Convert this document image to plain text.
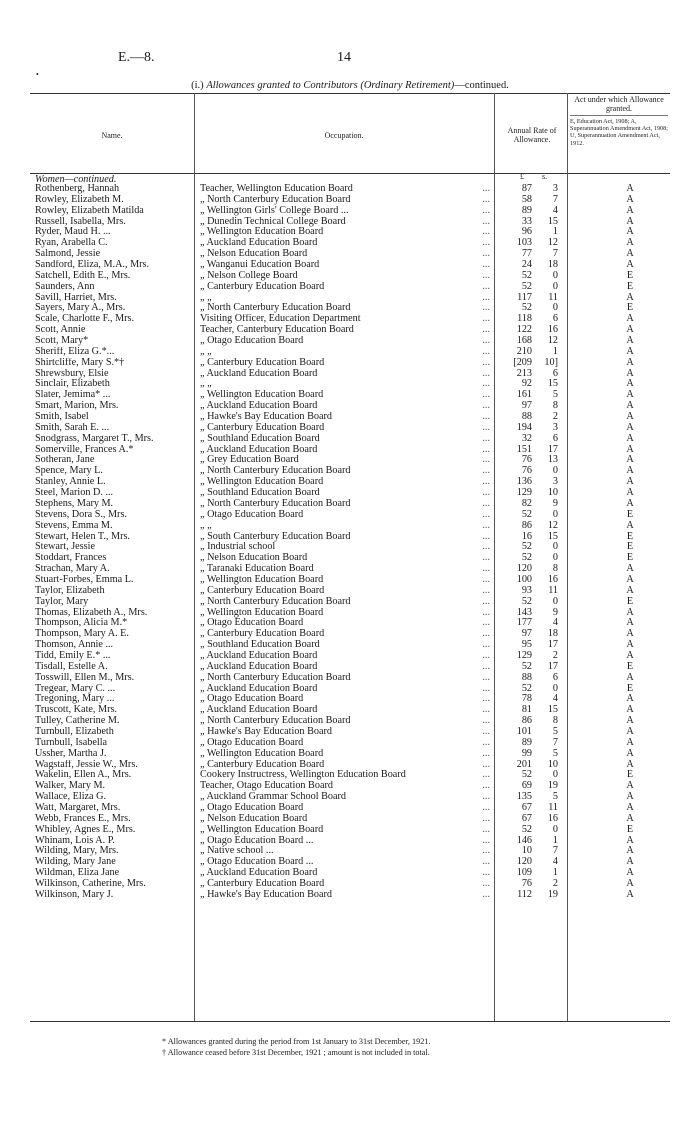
E.—8.	14
•
(i.) Allowances granted to Contributors (Ordinary Retirement)—continued.
Name.	Occupation.
Annual Rate of Allowance.
Act under which Allowance granted.
E, Education Act, 1908; A, Superannuation Amendment Act, 1908; U, Superannuation Amendment Act, 1912.
£ s.
Women—continued.
Rothenberg, Hannah	Teacher, Wellington Education Board	87	3	A
...
Rowley, Elizabeth M.	„ North Canterbury Education Board	58	7	A
...
Rowley, Elizabeth Matilda	„ Wellington Girls' College Board ...	89	4	A
...
Russell, Isabella, Mrs.	„ Dunedin Technical College Board	33	15	A
...
Ryder, Maud H. ...	„ Wellington Education Board	96	1	A
...
Ryan, Arabella C.	„ Auckland Education Board	103	12	A
...
Salmond, Jessie	„ Nelson Education Board	77	7	A
...
Sandford, Eliza, M.A., Mrs.	„ Wanganui Education Board	24	18	A
...
Satchell, Edith E., Mrs.	„ Nelson College Board	52	0	E
...
Saunders, Ann	„ Canterbury Education Board	52	0	E
...
Savill, Harriet, Mrs.	„ „	117	11	A
...
Sayers, Mary A., Mrs.	„ North Canterbury Education Board	52	0	E
...
Scale, Charlotte F., Mrs.	Visiting Officer, Education Department	118	6	A
...
Scott, Annie	Teacher, Canterbury Education Board	122	16	A
...
Scott, Mary*	„ Otago Education Board	168	12	A
...
Sheriff, Eliza G.*...	„ „	210	1	A
...
Shirtcliffe, Mary S.*†	„ Canterbury Education Board	[209	10]	A
...
Shrewsbury, Elsie	„ Auckland Education Board	213	6	A
...
Sinclair, Elizabeth	„ „	92	15	A
...
Slater, Jemima* ...	„ Wellington Education Board	161	5	A
...
Smart, Marion, Mrs.	„ Auckland Education Board	97	8	A
...
Smith, Isabel	„ Hawke's Bay Education Board	88	2	A
...
Smith, Sarah E. ...	„ Canterbury Education Board	194	3	A
...
Snodgrass, Margaret T., Mrs.	„ Southland Education Board	32	6	A
...
Somerville, Frances A.*	„ Auckland Education Board	151	17	A
...
Sotheran, Jane	„ Grey Education Board	76	13	A
...
Spence, Mary L.	„ North Canterbury Education Board	76	0	A
...
Stanley, Annie L.	„ Wellington Education Board	136	3	A
...
Steel, Marion D. ...	„ Southland Education Board	129	10	A
...
Stephens, Mary M.	„ North Canterbury Education Board	82	9	A
...
Stevens, Dora S., Mrs.	„ Otago Education Board	52	0	E
...
Stevens, Emma M.	„ „	86	12	A
...
Stewart, Helen T., Mrs.	„ South Canterbury Education Board	16	15	E
...
Stewart, Jessie	„ Industrial school	52	0	E
...
Stoddart, Frances	„ Nelson Education Board	52	0	E
...
Strachan, Mary A.	„ Taranaki Education Board	120	8	A
...
Stuart-Forbes, Emma L.	„ Wellington Education Board	100	16	A
...
Taylor, Elizabeth	„ Canterbury Education Board	93	11	A
...
Taylor, Mary	„ North Canterbury Education Board	52	0	E
...
Thomas, Elizabeth A., Mrs.	„ Wellington Education Board	143	9	A
...
Thompson, Alicia M.*	„ Otago Education Board	177	4	A
...
Thompson, Mary A. E.	„ Canterbury Education Board	97	18	A
...
Thomson, Annie ...	„ Southland Education Board	95	17	A
...
Tidd, Emily E.* ...	„ Auckland Education Board	129	2	A
...
Tisdall, Estelle A.	„ Auckland Education Board	52	17	E
...
Tosswill, Ellen M., Mrs.	„ North Canterbury Education Board	88	6	A
...
Tregear, Mary C. ...	„ Auckland Education Board	52	0	E
...
Tregoning, Mary ...	„ Otago Education Board	78	4	A
...
Truscott, Kate, Mrs.	„ Auckland Education Board	81	15	A
...
Tulley, Catherine M.	„ North Canterbury Education Board	86	8	A
...
Turnbull, Elizabeth	„ Hawke's Bay Education Board	101	5	A
...
Turnbull, Isabella	„ Otago Education Board	89	7	A
...
Ussher, Martha J.	„ Wellington Education Board	99	5	A
...
Wagstaff, Jessie W., Mrs.	„ Canterbury Education Board	201	10	A
...
Wakelin, Ellen A., Mrs.	Cookery Instructress, Wellington Education Board	52	0	E
...
Walker, Mary M.	Teacher, Otago Education Board	69	19	A
...
Wallace, Eliza G.	„ Auckland Grammar School Board	135	5	A
...
Watt, Margaret, Mrs.	„ Otago Education Board	67	11	A
...
Webb, Frances E., Mrs.	„ Nelson Education Board	67	16	A
...
Whibley, Agnes E., Mrs.	„ Wellington Education Board	52	0	E
...
Whinam, Lois A. P.	„ Otago Education Board ...	146	1	A
...
Wilding, Mary, Mrs.	„ Native school ...	10	7	A
...
Wilding, Mary Jane	„ Otago Education Board ...	120	4	A
...
Wildman, Eliza Jane	„ Auckland Education Board	109	1	A
...
Wilkinson, Catherine, Mrs.	„ Canterbury Education Board	76	2	A
...
Wilkinson, Mary J.	„ Hawke's Bay Education Board	112	19	A
...
* Allowances granted during the period from 1st January to 31st December, 1921.
† Allowance ceased before 31st December, 1921 ; amount is not included in total.
